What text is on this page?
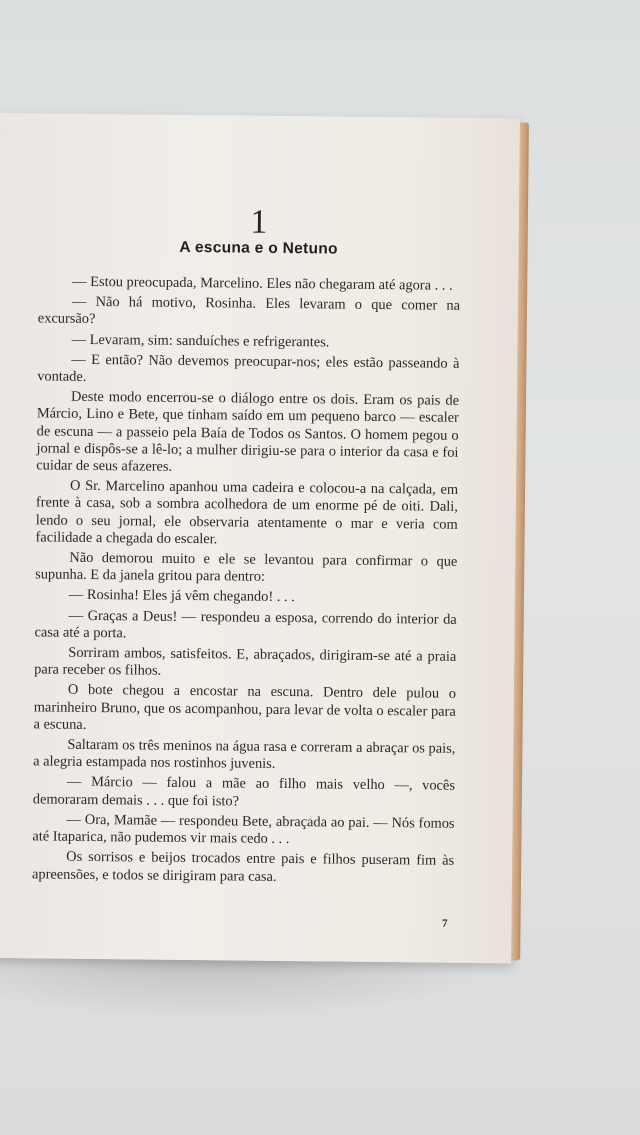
1
A escuna e o Netuno

— Estou preocupada, Marcelino. Eles não chegaram até agora . . .

— Não há motivo, Rosinha. Eles levaram o que comer na excursão?

— Levaram, sim: sanduíches e refrigerantes.

— E então? Não devemos preocupar-nos; eles estão passeando à vontade.

Deste modo encerrou-se o diálogo entre os dois. Eram os pais de Márcio, Lino e Bete, que tinham saído em um pequeno barco — escaler de escuna — a passeio pela Baía de Todos os Santos. O homem pegou o jornal e dispôs-se a lê-lo; a mulher dirigiu-se para o interior da casa e foi cuidar de seus afazeres.

O Sr. Marcelino apanhou uma cadeira e colocou-a na calçada, em frente à casa, sob a sombra acolhedora de um enorme pé de oiti. Dali, lendo o seu jornal, ele observaria atentamente o mar e veria com facilidade a chegada do escaler.

Não demorou muito e ele se levantou para confirmar o que supunha. E da janela gritou para dentro:

— Rosinha! Eles já vêm chegando! . . .

— Graças a Deus! — respondeu a esposa, correndo do interior da casa até a porta.

Sorriram ambos, satisfeitos. E, abraçados, dirigiram-se até a praia para receber os filhos.

O bote chegou a encostar na escuna. Dentro dele pulou o marinheiro Bruno, que os acompanhou, para levar de volta o escaler para a escuna.

Saltaram os três meninos na água rasa e correram a abraçar os pais, a alegria estampada nos rostinhos juvenis.

— Márcio — falou a mãe ao filho mais velho —, vocês demoraram demais . . . que foi isto?

— Ora, Mamãe — respondeu Bete, abraçada ao pai. — Nós fomos até Itaparica, não pudemos vir mais cedo . . .

Os sorrisos e beijos trocados entre pais e filhos puseram fim às apreensões, e todos se dirigiram para casa.

7
